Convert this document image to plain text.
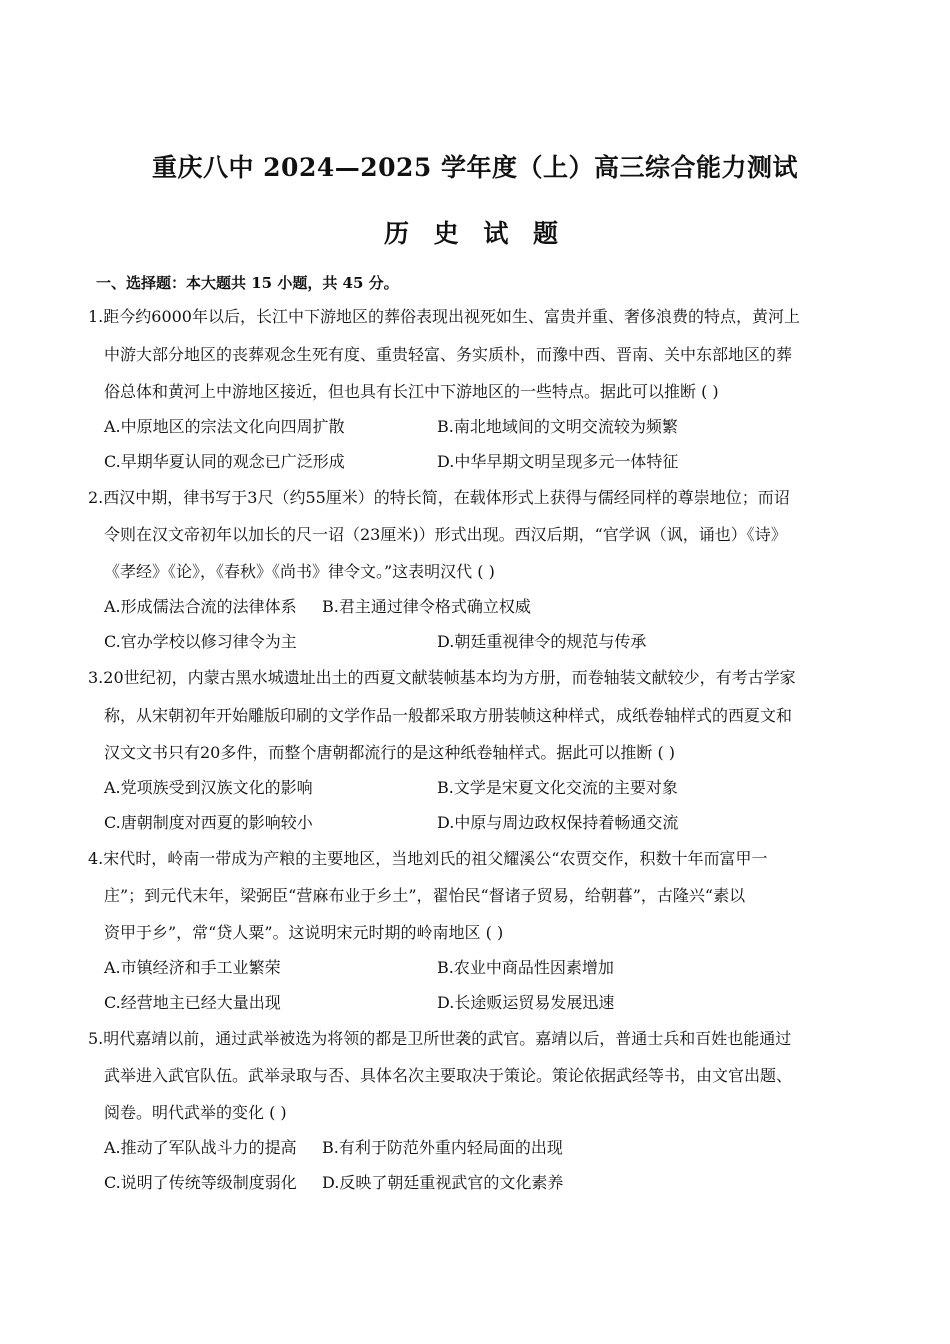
重庆八中 2024—2025 学年度（上）高三综合能力测试
历 史 试 题
一、选择题：本大题共 15 小题，共 45 分。
1.距今约6000年以后，长江中下游地区的葬俗表现出视死如生、富贵并重、奢侈浪费的特点，黄河上
中游大部分地区的丧葬观念生死有度、重贵轻富、务实质朴，而豫中西、晋南、关中东部地区的葬
俗总体和黄河上中游地区接近，但也具有长江中下游地区的一些特点。据此可以推断 ( )
A.中原地区的宗法文化向四周扩散	B.南北地域间的文明交流较为频繁
C.早期华夏认同的观念已广泛形成	D.中华早期文明呈现多元一体特征
2.西汉中期，律书写于3尺（约55厘米）的特长简，在载体形式上获得与儒经同样的尊崇地位；而诏
令则在汉文帝初年以加长的尺一诏（23厘米)）形式出现。西汉后期，“官学讽（讽，诵也）《诗》
《孝经》《论》，《春秋》《尚书》律令文。”这表明汉代 ( )
A.形成儒法合流的法律体系 B.君主通过律令格式确立权威
C.官办学校以修习律令为主	D.朝廷重视律令的规范与传承
3.20世纪初，内蒙古黑水城遗址出土的西夏文献装帧基本均为方册，而卷轴装文献较少，有考古学家
称，从宋朝初年开始雕版印刷的文学作品一般都采取方册装帧这种样式，成纸卷轴样式的西夏文和
汉文文书只有20多件，而整个唐朝都流行的是这种纸卷轴样式。据此可以推断 ( )
A.党项族受到汉族文化的影响	B.文学是宋夏文化交流的主要对象
C.唐朝制度对西夏的影响较小	D.中原与周边政权保持着畅通交流
4.宋代时，岭南一带成为产粮的主要地区，当地刘氏的祖父耀溪公“农贾交作，积数十年而富甲一
庄”；到元代末年，梁弼臣“营麻布业于乡土”，翟怡民“督诸子贸易，给朝暮”，古隆兴“素以
资甲于乡”，常“贷人粟”。这说明宋元时期的岭南地区 ( )
A.市镇经济和手工业繁荣	B.农业中商品性因素增加
C.经营地主已经大量出现	D.长途贩运贸易发展迅速
5.明代嘉靖以前，通过武举被选为将领的都是卫所世袭的武官。嘉靖以后，普通士兵和百姓也能通过
武举进入武官队伍。武举录取与否、具体名次主要取决于策论。策论依据武经等书，由文官出题、
阅卷。明代武举的变化 ( )
A.推动了军队战斗力的提高 B.有利于防范外重内轻局面的出现
C.说明了传统等级制度弱化 D.反映了朝廷重视武官的文化素养
